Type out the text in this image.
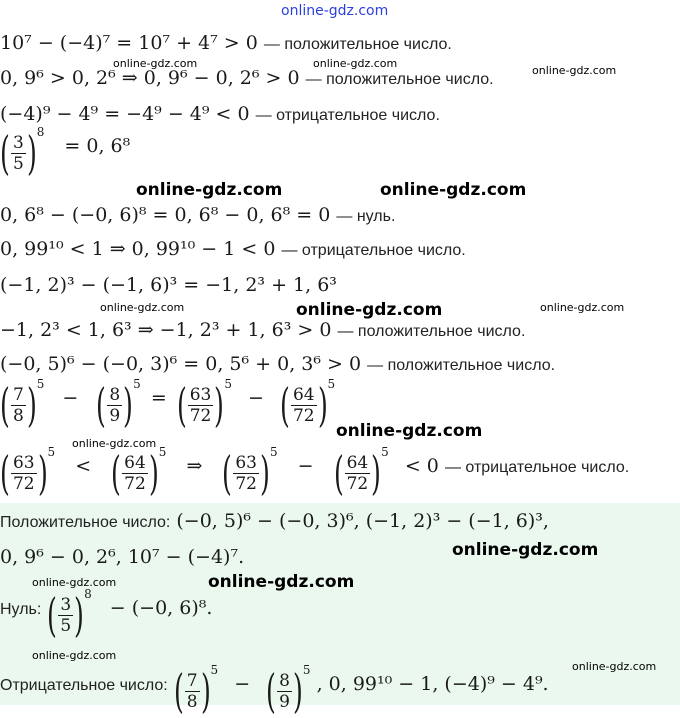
online-gdz.com
10⁷ − (−4)⁷ = 10⁷ + 4⁷ > 0 — положительное число.
0, 9⁶ > 0, 2⁶ ⇒ 0, 9⁶ − 0, 2⁶ > 0 — положительное число.
(−4)⁹ − 4⁹ = −4⁹ − 4⁹ < 0 — отрицательное число.
( $\frac{3}{5} )^8 = 0$, 6⁸
0, 6⁸ − (−0, 6)⁸ = 0, 6⁸ − 0, 6⁸ = 0 — нуль.
0, 99¹⁰ < 1 ⇒ 0, 99¹⁰ − 1 < 0 — отрицательное число.
(−1, 2)³ − (−1, 6)³ = −1, 2³ + 1, 6³
−1, 2³ < 1, 6³ ⇒ −1, 2³ + 1, 6³ > 0 — положительное число.
(−0, 5)⁶ − (−0, 3)⁶ = 0, 5⁶ + 0, 3⁶ > 0 — положительное число.
( $\frac{7}{8} )^5$ − ( $\frac{8}{9} )^5$ = ( $\frac{63}{72} )^5$ − ( $\frac{64}{72} )^5$
( $\frac{63}{72} )^5$ < ( $\frac{64}{72} )^5$ ⇒ ( $\frac{63}{72} )^5$ − ( $\frac{64}{72} )^5 < 0$ $^{— отрицательное число.}$
Положительное число: (−0, 5)⁶ − (−0, 3)⁶, (−1, 2)³ − (−1, 6)³,
0, 9⁶ − 0, 2⁶, 10⁷ − (−4)⁷.
$^{Нуль:}$ ( $\frac{3}{5} )^8 - (-0$, 6)⁸.
$^{Отрицательное число:}$ ( $\frac{7}{8} )^5$ − ( $\frac{8}{9} )^5$ , 0, 99¹⁰ − 1, (−4)⁹ − 4⁹.
online-gdz.com	online-gdz.com
online-gdz.com
online-gdz.com	online-gdz.com
online-gdz.com	online-gdz.com	online-gdz.com
online-gdz.com
online-gdz.com
online-gdz.com
online-gdz.com
online-gdz.com
online-gdz.com
online-gdz.com
